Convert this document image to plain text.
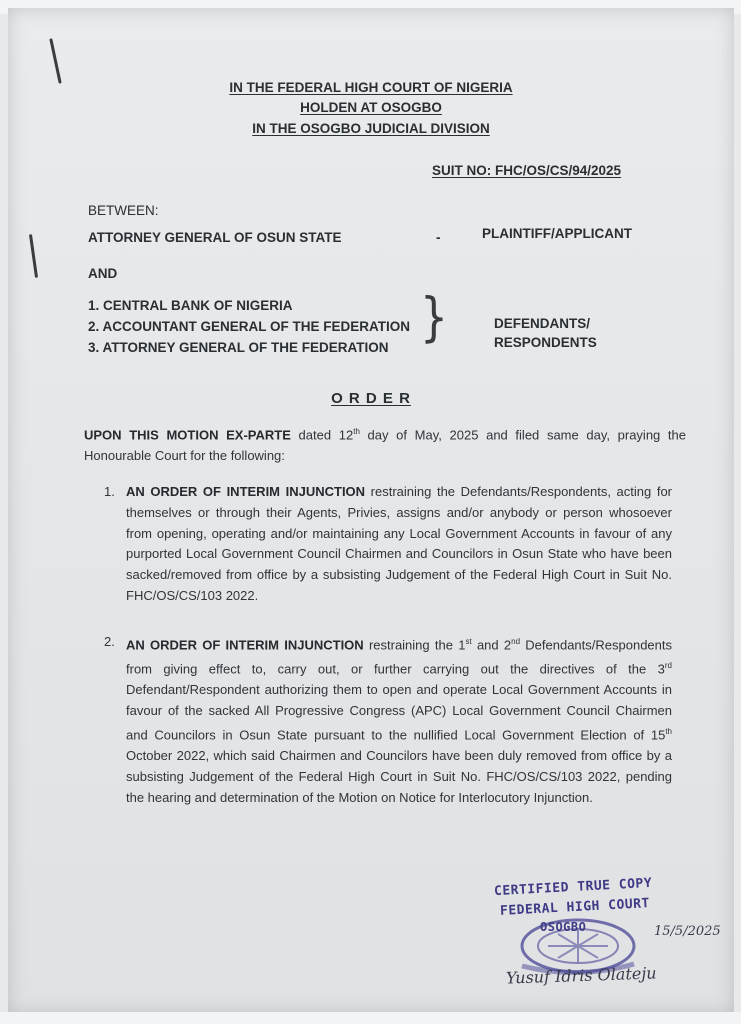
IN THE FEDERAL HIGH COURT OF NIGERIA
HOLDEN AT OSOGBO
IN THE OSOGBO JUDICIAL DIVISION
SUIT NO: FHC/OS/CS/94/2025
BETWEEN:
ATTORNEY GENERAL OF OSUN STATE	-	PLAINTIFF/APPLICANT
AND
1. CENTRAL BANK OF NIGERIA
2. ACCOUNTANT GENERAL OF THE FEDERATION
3. ATTORNEY GENERAL OF THE FEDERATION }	DEFENDANTS/
RESPONDENTS
O R D E R
UPON THIS MOTION EX-PARTE dated 12th day of May, 2025 and filed same day, praying the Honourable Court for the following:
1. AN ORDER OF INTERIM INJUNCTION restraining the Defendants/Respondents, acting for themselves or through their Agents, Privies, assigns and/or anybody or person whosoever from opening, operating and/or maintaining any Local Government Accounts in favour of any purported Local Government Council Chairmen and Councilors in Osun State who have been sacked/removed from office by a subsisting Judgement of the Federal High Court in Suit No. FHC/OS/CS/103 2022.
2. AN ORDER OF INTERIM INJUNCTION restraining the 1st and 2nd Defendants/Respondents from giving effect to, carry out, or further carrying out the directives of the 3rd Defendant/Respondent authorizing them to open and operate Local Government Accounts in favour of the sacked All Progressive Congress (APC) Local Government Council Chairmen and Councilors in Osun State pursuant to the nullified Local Government Election of 15th October 2022, which said Chairmen and Councilors have been duly removed from office by a subsisting Judgement of the Federal High Court in Suit No. FHC/OS/CS/103 2022, pending the hearing and determination of the Motion on Notice for Interlocutory Injunction.
CERTIFIED TRUE COPY
FEDERAL HIGH COURT
OSOGBO	15/5/2025
Yusuf Idris Olateju
